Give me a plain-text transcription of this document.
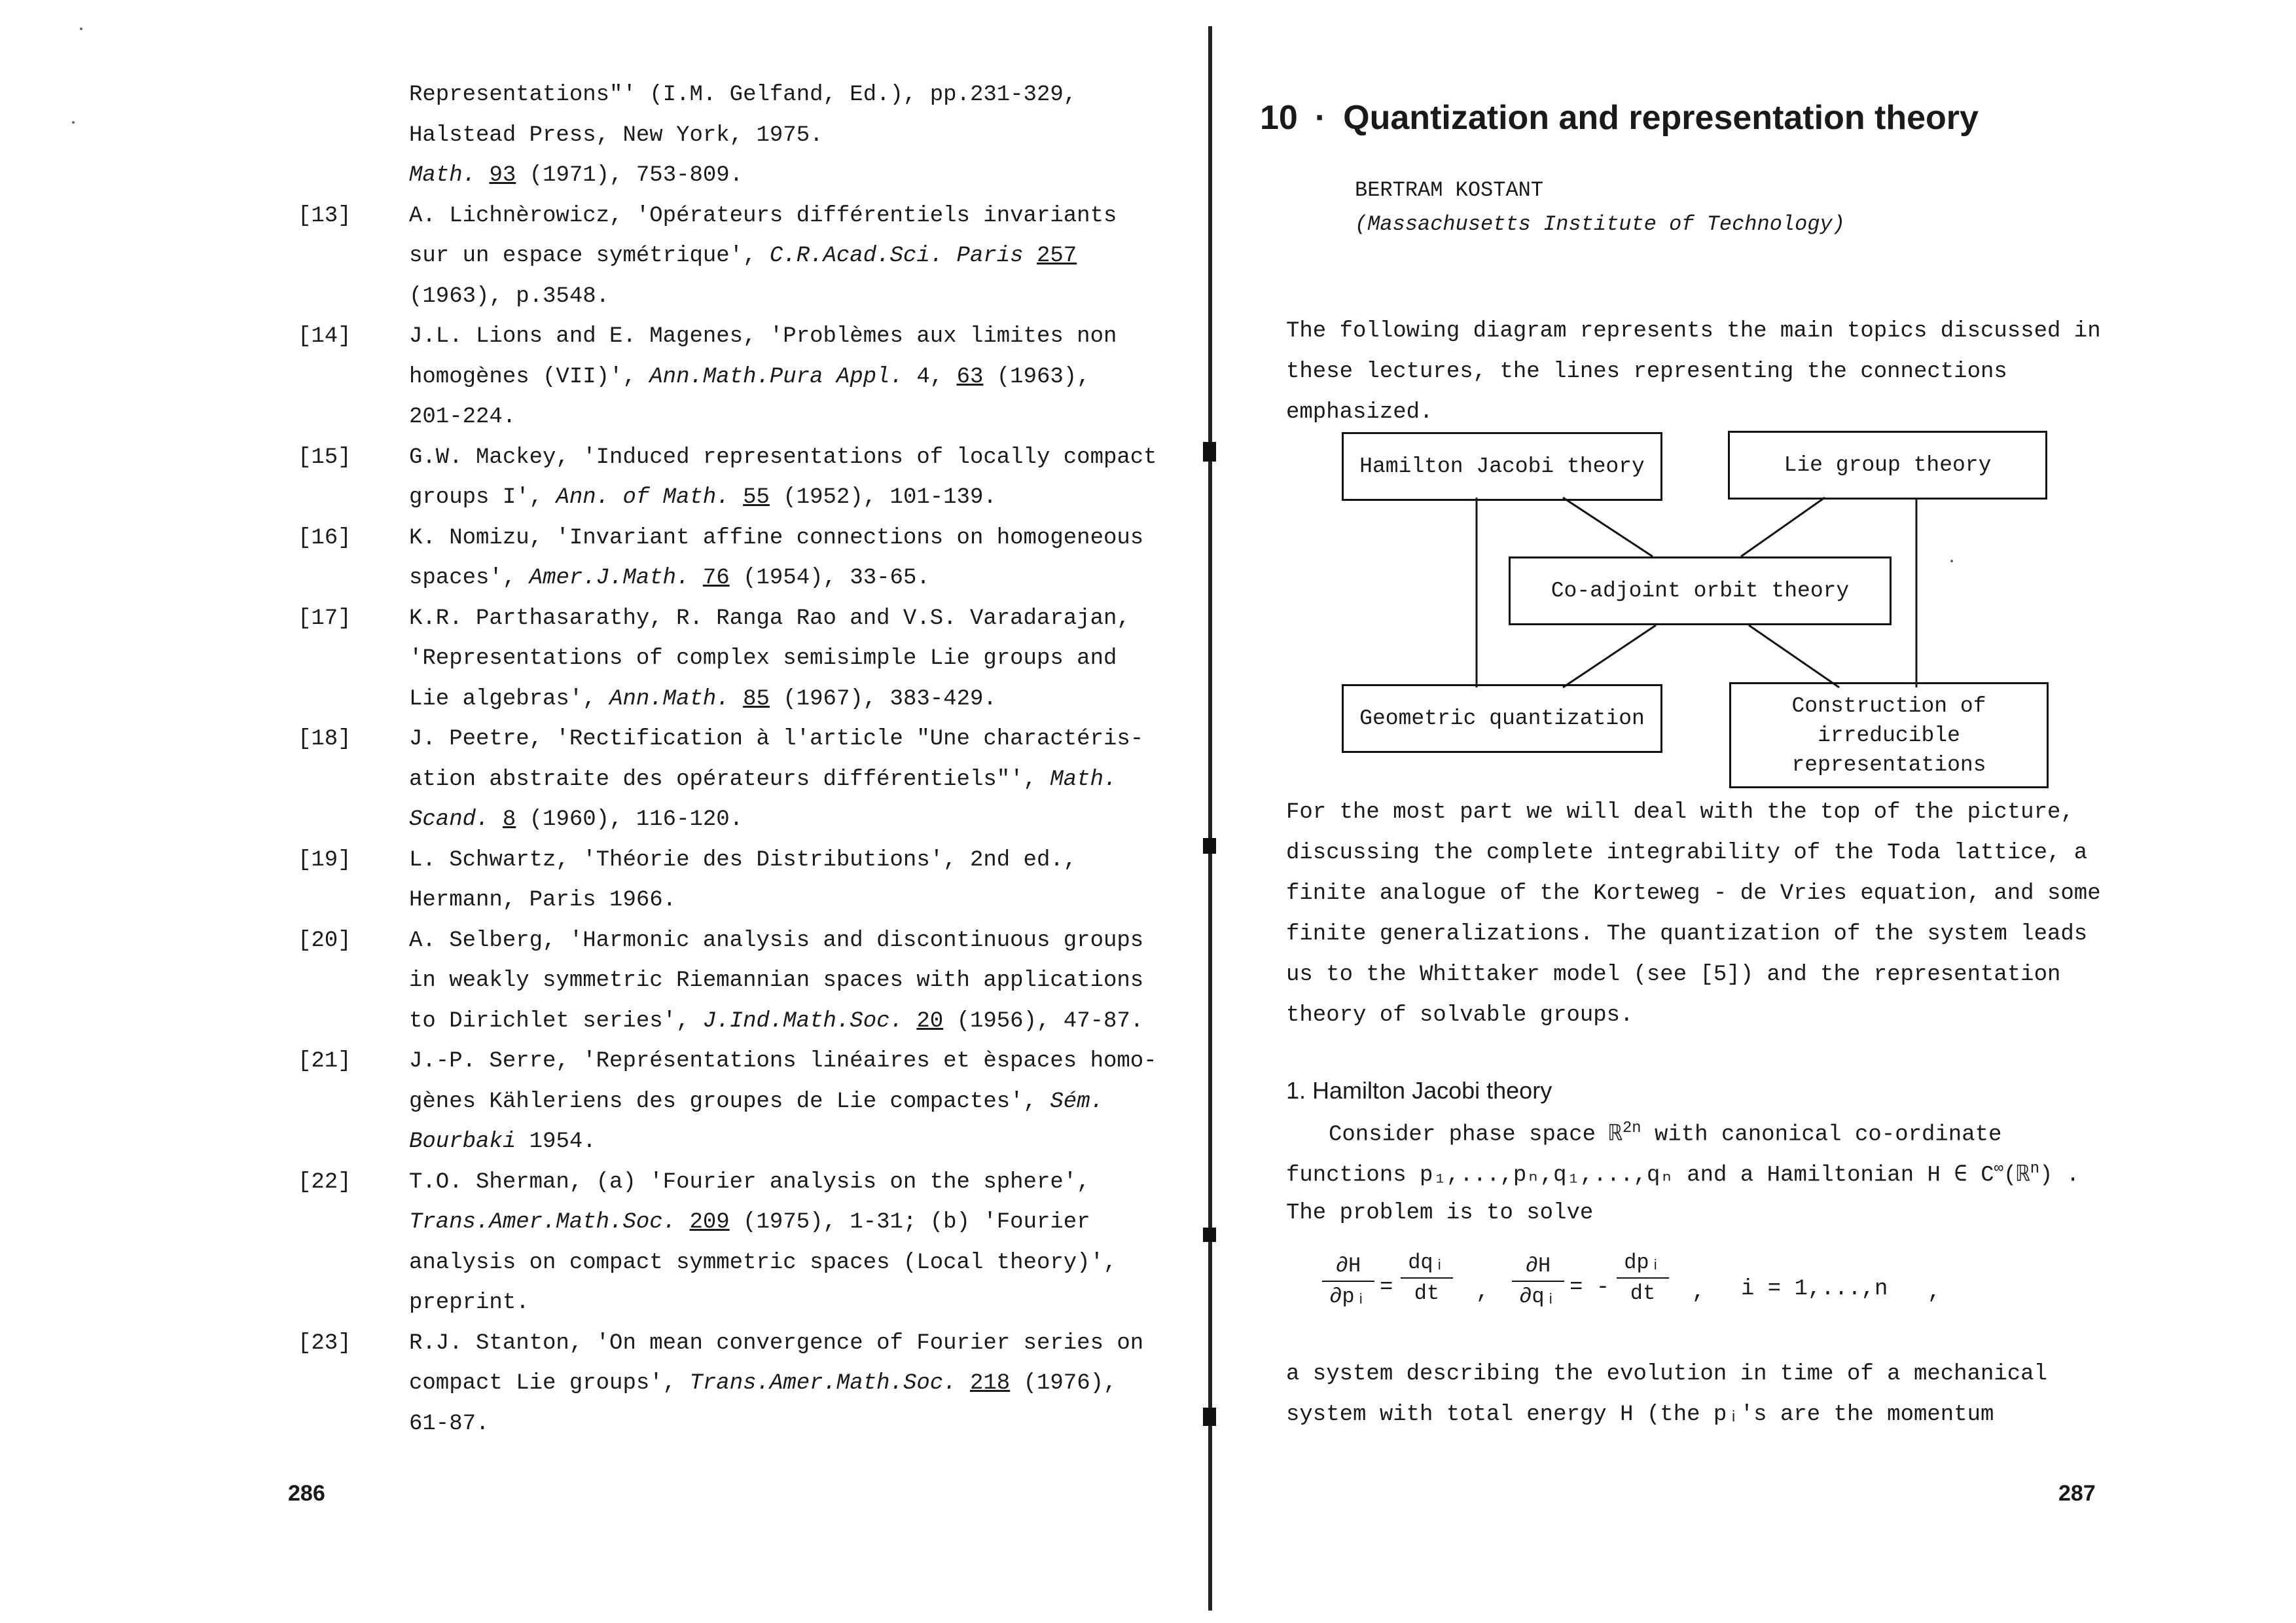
Representations"' (I.M. Gelfand, Ed.), pp.231-329,
Halstead Press, New York, 1975.
Math. 93 (1971), 753-809.
[13]	A. Lichnèrowicz, 'Opérateurs différentiels invariants
sur un espace symétrique', C.R.Acad.Sci. Paris 257
(1963), p.3548.
[14]	J.L. Lions and E. Magenes, 'Problèmes aux limites non
homogènes (VII)', Ann.Math.Pura Appl. 4, 63 (1963),
201-224.
[15]	G.W. Mackey, 'Induced representations of locally compact
groups I', Ann. of Math. 55 (1952), 101-139.
[16]	K. Nomizu, 'Invariant affine connections on homogeneous
spaces', Amer.J.Math. 76 (1954), 33-65.
[17]	K.R. Parthasarathy, R. Ranga Rao and V.S. Varadarajan,
'Representations of complex semisimple Lie groups and
Lie algebras', Ann.Math. 85 (1967), 383-429.
[18]	J. Peetre, 'Rectification à l'article "Une charactéris-
ation abstraite des opérateurs différentiels"', Math.
Scand. 8 (1960), 116-120.
[19]	L. Schwartz, 'Théorie des Distributions', 2nd ed.,
Hermann, Paris 1966.
[20]	A. Selberg, 'Harmonic analysis and discontinuous groups
in weakly symmetric Riemannian spaces with applications
to Dirichlet series', J.Ind.Math.Soc. 20 (1956), 47-87.
[21]	J.-P. Serre, 'Représentations linéaires et èspaces homo-
gènes Kähleriens des groupes de Lie compactes', Sém.
Bourbaki 1954.
[22]	T.O. Sherman, (a) 'Fourier analysis on the sphere',
Trans.Amer.Math.Soc. 209 (1975), 1-31; (b) 'Fourier
analysis on compact symmetric spaces (Local theory)',
preprint.
[23]	R.J. Stanton, 'On mean convergence of Fourier series on
compact Lie groups', Trans.Amer.Math.Soc. 218 (1976),
61-87.
286
10 · Quantization and representation theory
BERTRAM KOSTANT
(Massachusetts Institute of Technology)
The following diagram represents the main topics discussed in these lectures, the lines representing the connections emphasized.
Hamilton Jacobi theory	Lie group theory
Co-adjoint orbit theory
Geometric quantization
Construction of
irreducible
representations
For the most part we will deal with the top of the picture, discussing the complete integrability of the Toda lattice, a finite analogue of the Korteweg - de Vries equation, and some finite generalizations. The quantization of the system leads us to the Whittaker model (see [5]) and the representation theory of solvable groups.
1. Hamilton Jacobi theory
Consider phase space ℝ$^{2n}$ with canonical co-ordinate
functions p₁,...,pₙ,q₁,...,qₙ and a Hamiltonian H ∈ C∞(ℝ$^n$) .
The problem is to solve
$\frac{\partial H}{\text{∂pᵢ}}$ =
dqᵢ
dt	, $\frac{\partial H}{\text{∂qᵢ}}$ = -
dpᵢ
dt	, i = 1,...,n ,
a system describing the evolution in time of a mechanical
system with total energy H (the pᵢ's are the momentum
287
